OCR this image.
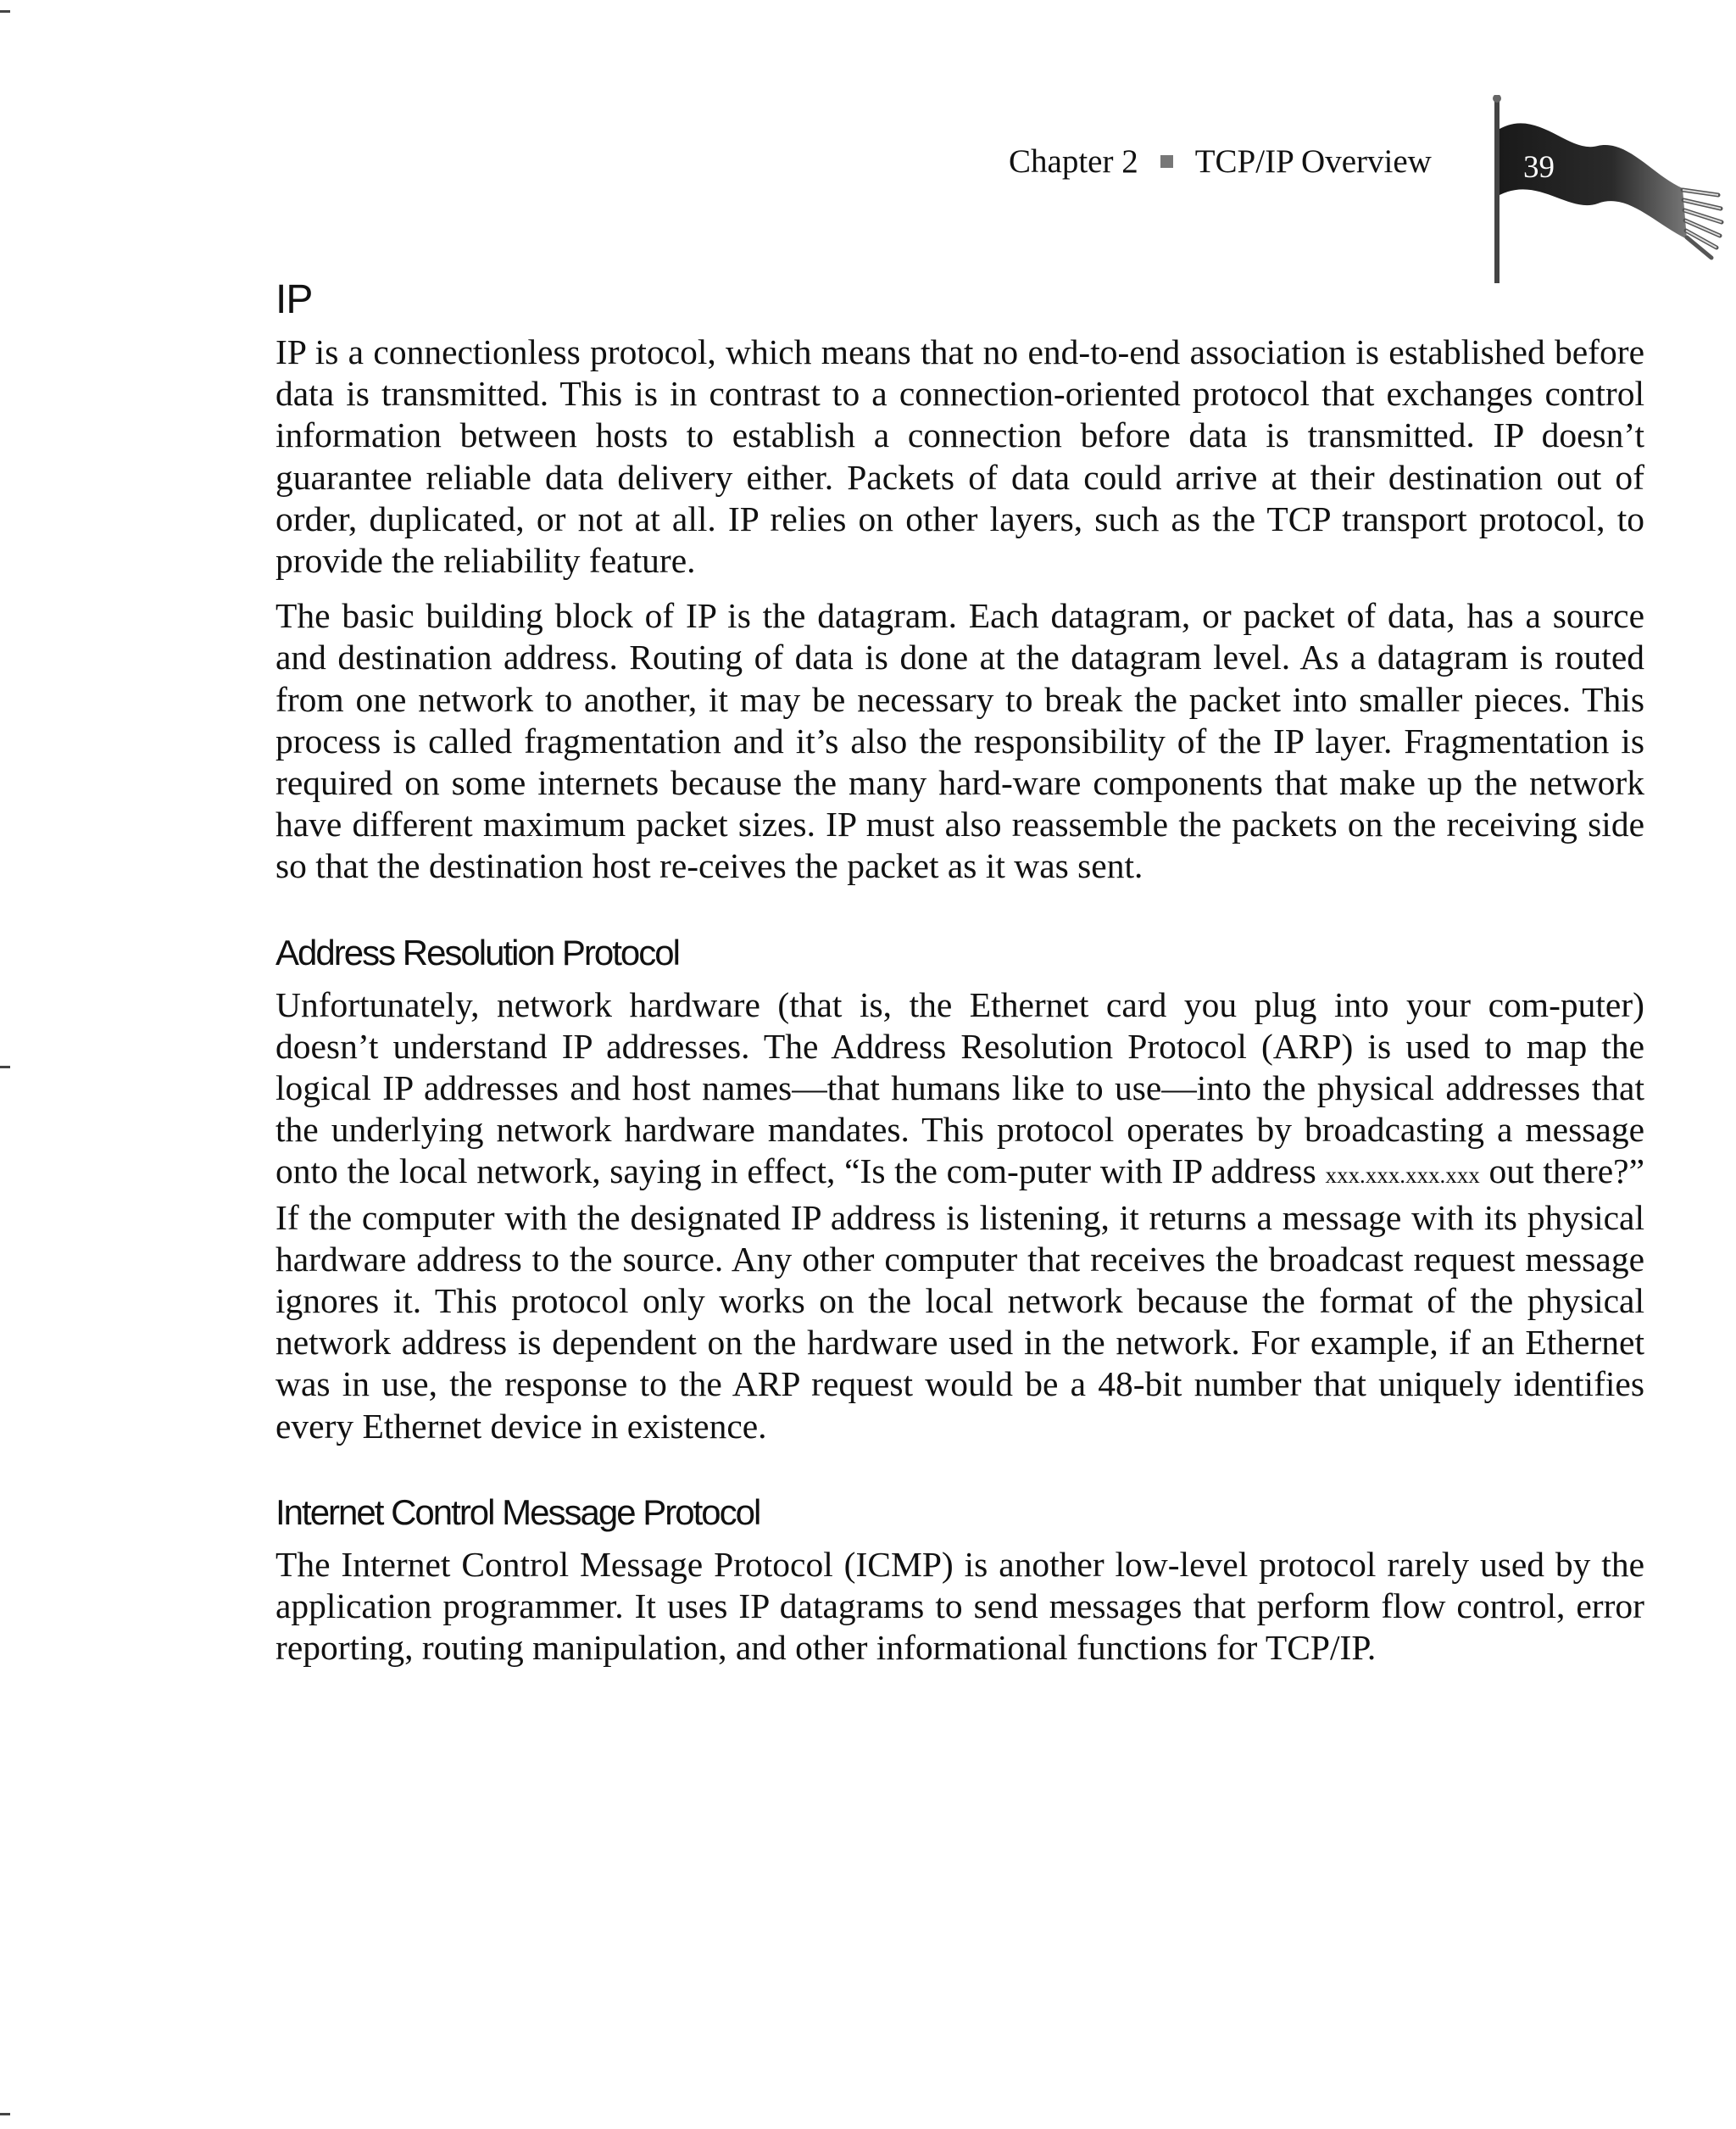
Chapter 2 TCP/IP Overview	39
IP

IP is a connectionless protocol, which means that no end-to-end association is established before data is transmitted. This is in contrast to a connection-oriented protocol that exchanges control information between hosts to establish a connection before data is transmitted. IP doesn’t guarantee reliable data delivery either. Packets of data could arrive at their destination out of order, duplicated, or not at all. IP relies on other layers, such as the TCP transport protocol, to provide the reliability feature.

The basic building block of IP is the datagram. Each datagram, or packet of data, has a source and destination address. Routing of data is done at the datagram level. As a datagram is routed from one network to another, it may be necessary to break the packet into smaller pieces. This process is called fragmentation and it’s also the responsibility of the IP layer. Fragmentation is required on some internets because the many hard-ware components that make up the network have different maximum packet sizes. IP must also reassemble the packets on the receiving side so that the destination host re-ceives the packet as it was sent.

Address Resolution Protocol

Unfortunately, network hardware (that is, the Ethernet card you plug into your com-puter) doesn’t understand IP addresses. The Address Resolution Protocol (ARP) is used to map the logical IP addresses and host names—that humans like to use—into the physical addresses that the underlying network hardware mandates. This protocol operates by broadcasting a message onto the local network, saying in effect, “Is the com-puter with IP address xxx.xxx.xxx.xxx out there?” If the computer with the designated IP address is listening, it returns a message with its physical hardware address to the source. Any other computer that receives the broadcast request message ignores it. This protocol only works on the local network because the format of the physical network address is dependent on the hardware used in the network. For example, if an Ethernet was in use, the response to the ARP request would be a 48-bit number that uniquely identifies every Ethernet device in existence.

Internet Control Message Protocol

The Internet Control Message Protocol (ICMP) is another low-level protocol rarely used by the application programmer. It uses IP datagrams to send messages that perform flow control, error reporting, routing manipulation, and other informational functions for TCP/IP.
